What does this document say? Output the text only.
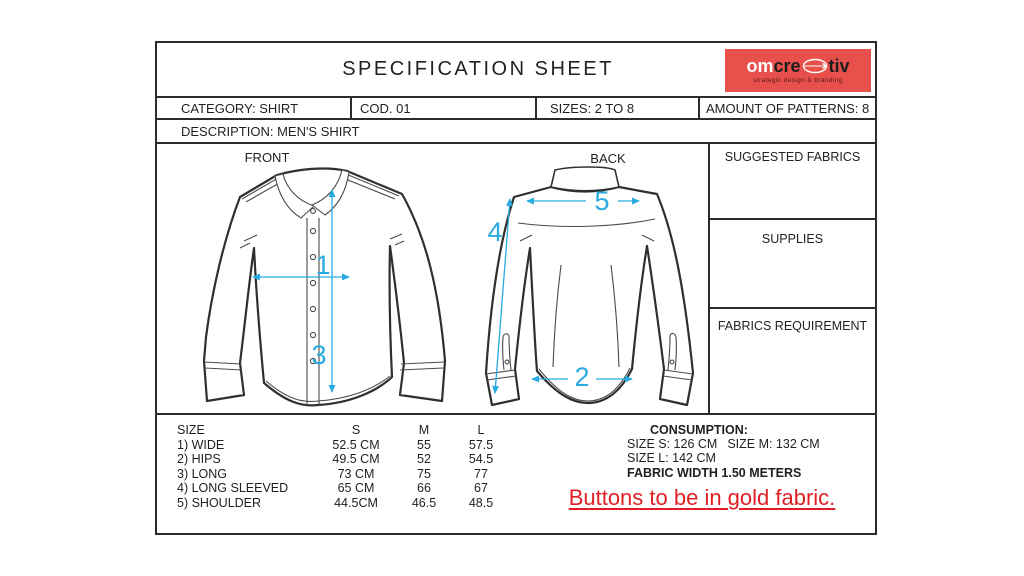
SPECIFICATION SHEET	om cre tiv
strategic design & branding
CATEGORY: SHIRT	COD. 01	SIZES: 2 TO 8	AMOUNT OF PATTERNS: 8
DESCRIPTION: MEN'S SHIRT
FRONT	BACK
1
3
5
4
2
SUGGESTED FABRICS
SUPPLIES
FABRICS REQUIREMENT
SIZE	S	M	L
1) WIDE	52.5 CM	55	57.5
2) HIPS	49.5 CM	52	54.5
3) LONG	73 CM	75	77
4) LONG SLEEVED	65 CM	66	67
5) SHOULDER	44.5CM	46.5	48.5
CONSUMPTION:
SIZE S: 126 CM SIZE M: 132 CM
SIZE L: 142 CM
FABRIC WIDTH 1.50 METERS
Buttons to be in gold fabric.
